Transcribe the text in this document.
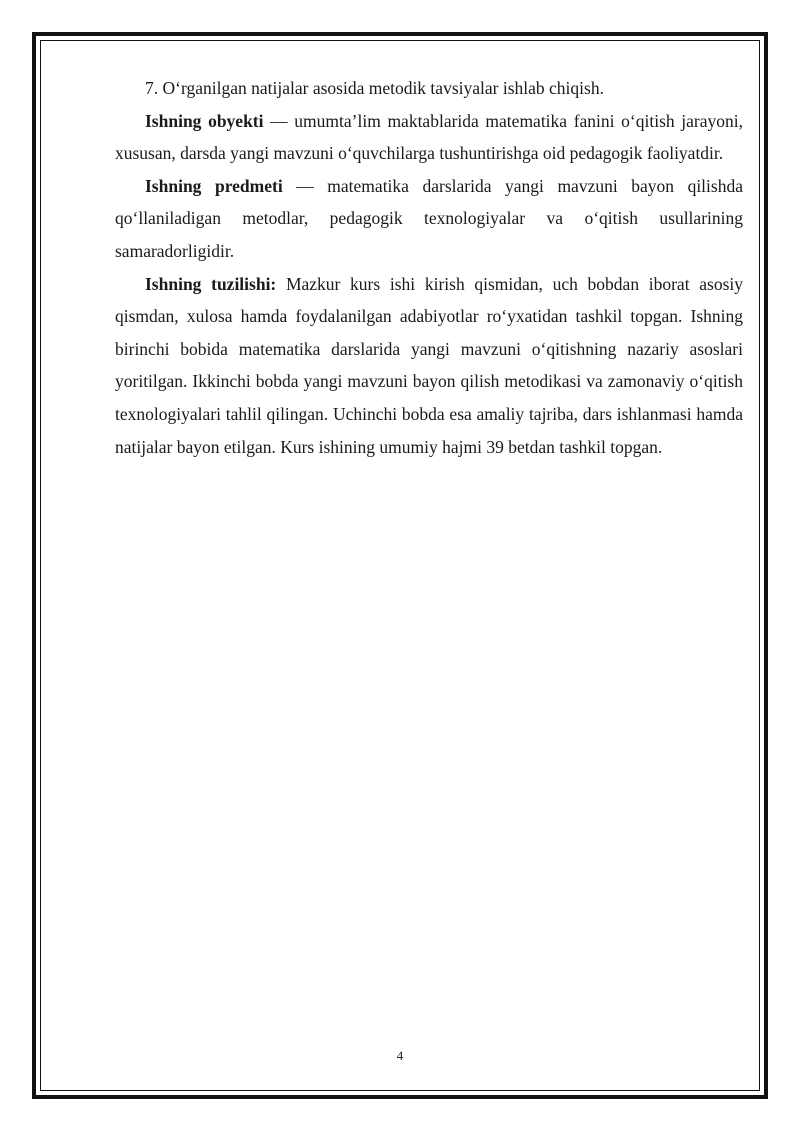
7. O‘rganilgan natijalar asosida metodik tavsiyalar ishlab chiqish.

Ishning obyekti — umumta’lim maktablarida matematika fanini o‘qitish jarayoni, xususan, darsda yangi mavzuni o‘quvchilarga tushuntirishga oid pedagogik faoliyatdir.

Ishning predmeti — matematika darslarida yangi mavzuni bayon qilishda qo‘llaniladigan metodlar, pedagogik texnologiyalar va o‘qitish usullarining samaradorligidir.

Ishning tuzilishi: Mazkur kurs ishi kirish qismidan, uch bobdan iborat asosiy qismdan, xulosa hamda foydalanilgan adabiyotlar ro‘yxatidan tashkil topgan. Ishning birinchi bobida matematika darslarida yangi mavzuni o‘qitishning nazariy asoslari yoritilgan. Ikkinchi bobda yangi mavzuni bayon qilish metodikasi va zamonaviy o‘qitish texnologiyalari tahlil qilingan. Uchinchi bobda esa amaliy tajriba, dars ishlanmasi hamda natijalar bayon etilgan. Kurs ishining umumiy hajmi 39 betdan tashkil topgan.

4
